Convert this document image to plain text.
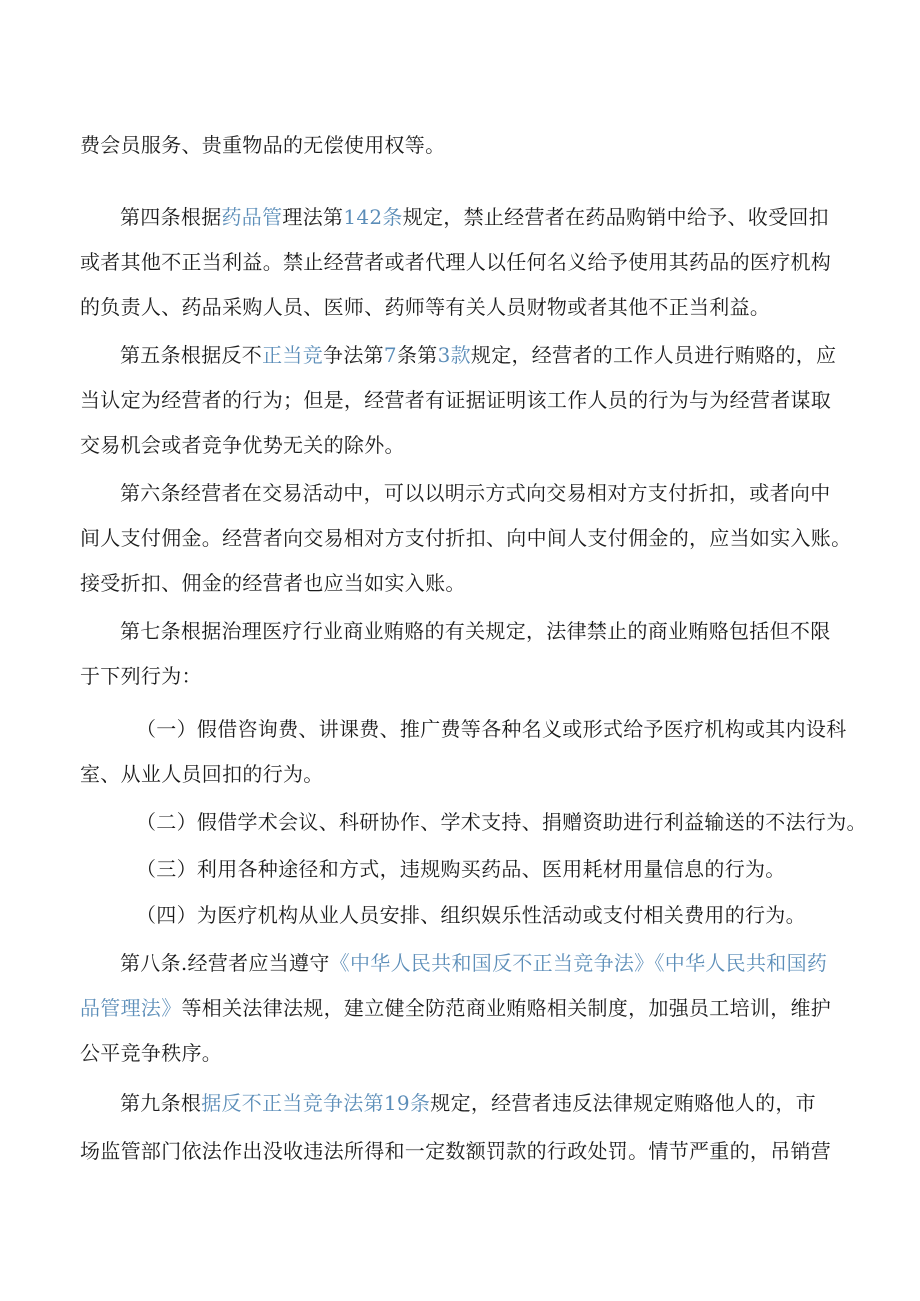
费会员服务、贵重物品的无偿使用权等。
第四条根据药品管理法第142条规定，禁止经营者在药品购销中给予、收受回扣
或者其他不正当利益。禁止经营者或者代理人以任何名义给予使用其药品的医疗机构
的负责人、药品采购人员、医师、药师等有关人员财物或者其他不正当利益。
第五条根据反不正当竞争法第7条第3款规定，经营者的工作人员进行贿赂的，应
当认定为经营者的行为；但是，经营者有证据证明该工作人员的行为与为经营者谋取
交易机会或者竞争优势无关的除外。
第六条经营者在交易活动中，可以以明示方式向交易相对方支付折扣，或者向中
间人支付佣金。经营者向交易相对方支付折扣、向中间人支付佣金的，应当如实入账。
接受折扣、佣金的经营者也应当如实入账。
第七条根据治理医疗行业商业贿赂的有关规定，法律禁止的商业贿赂包括但不限
于下列行为：
（一）假借咨询费、讲课费、推广费等各种名义或形式给予医疗机构或其内设科
室、从业人员回扣的行为。
（二）假借学术会议、科研协作、学术支持、捐赠资助进行利益输送的不法行为。
（三）利用各种途径和方式，违规购买药品、医用耗材用量信息的行为。
（四）为医疗机构从业人员安排、组织娱乐性活动或支付相关费用的行为。
第八条.经营者应当遵守《中华人民共和国反不正当竞争法》《中华人民共和国药
品管理法》等相关法律法规，建立健全防范商业贿赂相关制度，加强员工培训，维护
公平竞争秩序。
第九条根据反不正当竞争法第19条规定，经营者违反法律规定贿赂他人的，市
场监管部门依法作出没收违法所得和一定数额罚款的行政处罚。情节严重的，吊销营
